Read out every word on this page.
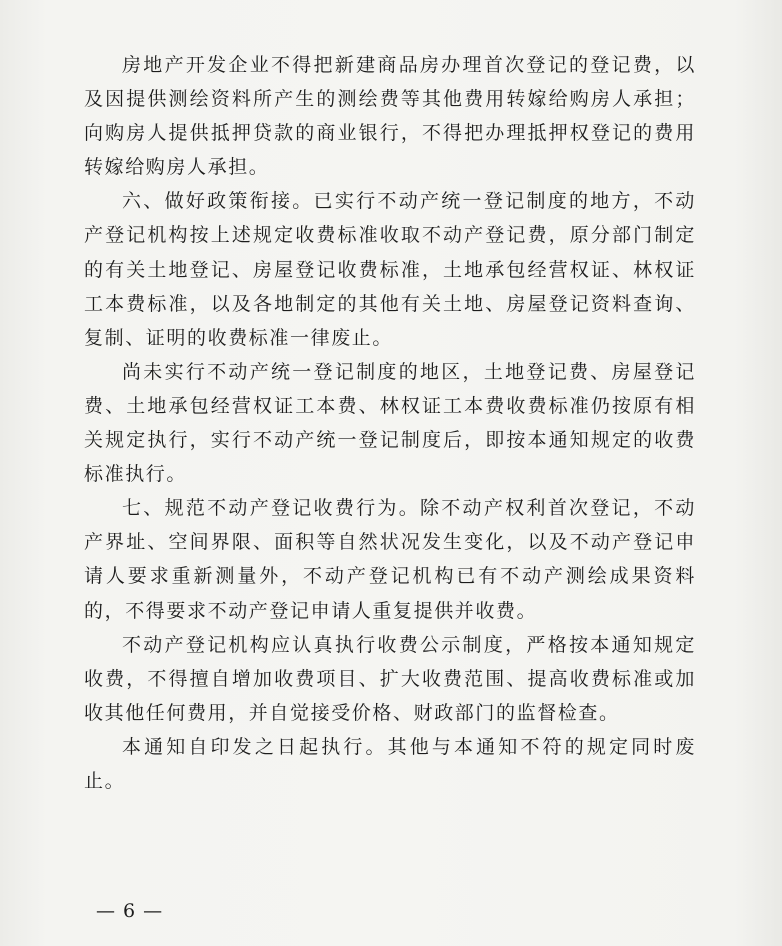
房地产开发企业不得把新建商品房办理首次登记的登记费，以及因提供测绘资料所产生的测绘费等其他费用转嫁给购房人承担；向购房人提供抵押贷款的商业银行，不得把办理抵押权登记的费用转嫁给购房人承担。

六、做好政策衔接。已实行不动产统一登记制度的地方，不动产登记机构按上述规定收费标准收取不动产登记费，原分部门制定的有关土地登记、房屋登记收费标准，土地承包经营权证、林权证工本费标准，以及各地制定的其他有关土地、房屋登记资料查询、复制、证明的收费标准一律废止。

尚未实行不动产统一登记制度的地区，土地登记费、房屋登记费、土地承包经营权证工本费、林权证工本费收费标准仍按原有相关规定执行，实行不动产统一登记制度后，即按本通知规定的收费标准执行。

七、规范不动产登记收费行为。除不动产权利首次登记，不动产界址、空间界限、面积等自然状况发生变化，以及不动产登记申请人要求重新测量外，不动产登记机构已有不动产测绘成果资料的，不得要求不动产登记申请人重复提供并收费。

不动产登记机构应认真执行收费公示制度，严格按本通知规定收费，不得擅自增加收费项目、扩大收费范围、提高收费标准或加收其他任何费用，并自觉接受价格、财政部门的监督检查。

本通知自印发之日起执行。其他与本通知不符的规定同时废止。

— 6 —
